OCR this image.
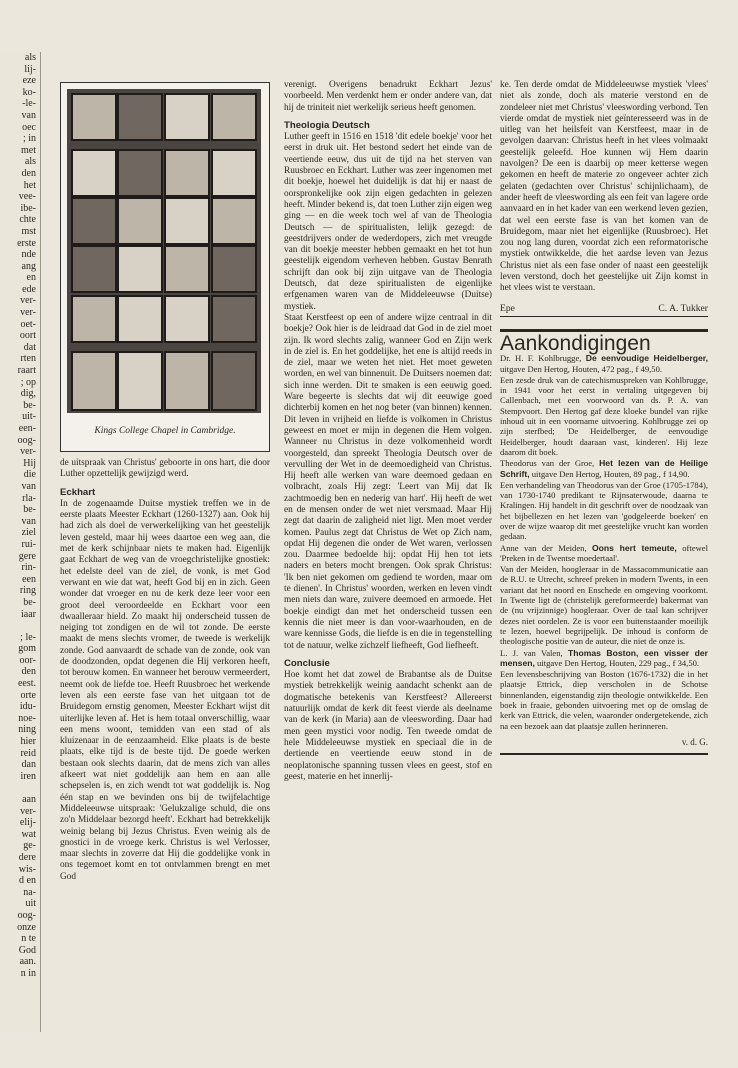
als
lij-
eze
ko-
-le-
van
oec
; in
met
als
den
het
vee-
ibe-
chte
mst
erste
nde
ang
en
ede
ver-
ver-
oet-
oort
dat
rten
raart
; op
dig,
be-
uit-
een-
oog-
ver-
Hij
die
van
rla-
be-
van
ziel
rui-
gere
rin-
een
ring
be-
iaar

; le-
gom
oor-
den
eest.
orte
idu-
noe-
ning
hier
reid
dan
iren

aan
ver-
elij-
wat
ge-
dere
wis-
d en
na-
uit
oog-
onze
n te
God
aan.
n in
Kings College Chapel in Cambridge.

de uitspraak van Christus' geboorte in ons hart, die door Luther opzettelijk gewijzigd werd.

Eckhart

In de zogenaamde Duitse mystiek treffen we in de eerste plaats Meester Eckhart (1260-1327) aan. Ook hij had zich als doel de verwerkelijking van het geestelijk leven gesteld, maar hij wees daartoe een weg aan, die met de kerk schijnbaar niets te maken had. Eigenlijk gaat Eckhart de weg van de vroegchristelijke gnostiek: het edelste deel van de ziel, de vonk, is met God verwant en wie dat wat, heeft God bij en in zich. Geen wonder dat vroeger en nu de kerk deze leer voor een groot deel veroordeelde en Eckhart voor een dwaalleraar hield. Zo maakt hij onderscheid tussen de neiging tot zondigen en de wil tot zonde. De eerste maakt de mens slechts vromer, de tweede is werkelijk zonde. God aanvaardt de schade van de zonde, ook van de doodzonden, opdat degenen die Hij verkoren heeft, tot berouw komen. En wanneer het berouw vermeerdert, neemt ook de liefde toe. Heeft Ruusbroec het werkende leven als een eerste fase van het uitgaan tot de Bruidegom ernstig genomen, Meester Eckhart wijst dit uiterlijke leven af. Het is hem totaal onverschillig, waar een mens woont, temidden van een stad of als kluizenaar in de eenzaamheid. Elke plaats is de beste plaats, elke tijd is de beste tijd. De goede werken bestaan ook slechts daarin, dat de mens zich van alles afkeert wat niet goddelijk aan hem en aan alle schepselen is, en zich wendt tot wat goddelijk is. Nog één stap en we bevinden ons bij de twijfelachtige Middeleeuwse uitspraak: 'Gelukzalige schuld, die ons zo'n Middelaar bezorgd heeft'. Eckhart had betrekkelijk weinig belang bij Jezus Christus. Even weinig als de gnostici in de vroege kerk. Christus is wel Verlosser, maar slechts in zoverre dat Hij die goddelijke vonk in ons tegemoet komt en tot ontvlammen brengt en met God

verenigt. Overigens benadrukt Eckhart Jezus' voorbeeld. Men verdenkt hem er onder andere van, dat hij de triniteit niet werkelijk serieus heeft genomen.

Theologia Deutsch

Luther geeft in 1516 en 1518 'dit edele boekje' voor het eerst in druk uit. Het bestond sedert het einde van de veertiende eeuw, dus uit de tijd na het sterven van Ruusbroec en Eckhart. Luther was zeer ingenomen met dit boekje, hoewel het duidelijk is dat hij er naast de oorspronkelijke ook zijn eigen gedachten in gelezen heeft. Minder bekend is, dat toen Luther zijn eigen weg ging — en die week toch wel af van de Theologia Deutsch — de spiritualisten, lelijk gezegd: de geestdrijvers onder de wederdopers, zich met vreugde van dit boekje meester hebben gemaakt en het tot hun geestelijk eigendom verheven hebben. Gustav Benrath schrijft dan ook bij zijn uitgave van de Theologia Deutsch, dat deze spiritualisten de eigenlijke erfgenamen waren van de Middeleeuwse (Duitse) mystiek.

Staat Kerstfeest op een of andere wijze centraal in dit boekje? Ook hier is de leidraad dat God in de ziel moet zijn. Ik word slechts zalig, wanneer God en Zijn werk in de ziel is. En het goddelijke, het ene is altijd reeds in de ziel, maar we weten het niet. Het moet geweten worden, en wel van binnenuit. De Duitsers noemen dat: sich inne werden. Dit te smaken is een eeuwig goed. Ware begeerte is slechts dat wij dit eeuwige goed dichterbij komen en het nog beter (van binnen) kennen. Dit leven in vrijheid en liefde is volkomen in Christus geweest en moet er mijn in degenen die Hem volgen. Wanneer nu Christus in deze volkomenheid wordt voorgesteld, dan spreekt Theologia Deutsch over de vervulling der Wet in de deemoedigheid van Christus. Hij heeft alle werken van ware deemoed gedaan en volbracht, zoals Hij zegt: 'Leert van Mij dat Ik zachtmoedig ben en nederig van hart'. Hij heeft de wet en de mensen onder de wet niet versmaad. Maar Hij zegt dat daarin de zaligheid niet ligt. Men moet verder komen. Paulus zegt dat Christus de Wet op Zich nam, opdat Hij degenen die onder de Wet waren, verlossen zou. Daarmee bedoelde hij: opdat Hij hen tot iets naders en beters mocht brengen. Ook sprak Christus: 'Ik ben niet gekomen om gediend te worden, maar om te dienen'. In Christus' woorden, werken en leven vindt men niets dan ware, zuivere deemoed en armoede. Het boekje eindigt dan met het onderscheid tussen een kennis die niet meer is dan voor-waarhouden, en de ware kennisse Gods, die liefde is en die in tegenstelling tot de natuur, welke zichzelf liefheeft, God liefheeft.

Conclusie

Hoe komt het dat zowel de Brabantse als de Duitse mystiek betrekkelijk weinig aandacht schenkt aan de dogmatische betekenis van Kerstfeest? Allereerst natuurlijk omdat de kerk dit feest vierde als deelname van de kerk (in Maria) aan de vleeswording. Daar had men geen mystici voor nodig. Ten tweede omdat de hele Middeleeuwse mystiek en speciaal die in de dertiende en veertiende eeuw stond in de neoplatonische spanning tussen vlees en geest, stof en geest, materie en het innerlij-

ke. Ten derde omdat de Middeleeuwse mystiek 'vlees' niet als zonde, doch als materie verstond en de zondeleer niet met Christus' vleeswording verbond. Ten vierde omdat de mystiek niet geïnteresseerd was in de uitleg van het heilsfeit van Kerstfeest, maar in de gevolgen daarvan: Christus heeft in het vlees volmaakt geestelijk geleefd. Hoe kunnen wij Hem daarin navolgen? De een is daarbij op meer ketterse wegen gekomen en heeft de materie zo ongeveer achter zich gelaten (gedachten over Christus' schijnlichaam), de ander heeft de vleeswording als een feit van lagere orde aanvaard en in het kader van een werkend leven gezien, dat wel een eerste fase is van het komen van de Bruidegom, maar niet het eigenlijke (Ruusbroec). Het zou nog lang duren, voordat zich een reformatorische mystiek ontwikkelde, die het aardse leven van Jezus Christus niet als een fase onder of naast een geestelijk leven verstond, doch het geestelijke uit Zijn komst in het vlees wist te verstaan.

Epe	C. A. Tukker
Aankondigingen

Dr. H. F. Kohlbrugge, De eenvoudige Heidelberger, uitgave Den Hertog, Houten, 472 pag., f 49,50.

Een zesde druk van de catechismuspreken van Kohlbrugge, in 1941 voor het eerst in vertaling uitgegeven bij Callenbach, met een voorwoord van ds. P. A. van Stempvoort. Den Hertog gaf deze kloeke bundel van rijke inhoud uit in een voorname uitvoering. Kohlbrugge zei op zijn sterfbed; 'De Heidelberger, de eenvoudige Heidelberger, houdt daaraan vast, kinderen'. Hij leze daarom dit boek.

Theodorus van der Groe, Het lezen van de Heilige Schrift, uitgave Den Hertog, Houten, 89 pag., f 14,90.

Een verhandeling van Theodorus van der Groe (1705-1784), van 1730-1740 predikant te Rijnsaterwoude, daarna te Kralingen. Hij handelt in dit geschrift over de noodzaak van het bijbellezen en het lezen van 'godgeleerde boeken' en over de wijze waarop dit met geestelijke vrucht kan worden gedaan.

Anne van der Meiden, Oons hert temeute, oftewel 'Preken in de Twentse moedertaal'.

Van der Meiden, hoogleraar in de Massacommunicatie aan de R.U. te Utrecht, schreef preken in modern Twents, in een variant dat het noord en Enschede en omgeving voorkomt. In Twente ligt de (christelijk gereformeerde) bakermat van de (nu vrijzinnige) hoogleraar. Over de taal kan schrijver dezes niet oordelen. Ze is voor een buitenstaander moeilijk te lezen, hoewel begrijpelijk. De inhoud is conform de theologische positie van de auteur, die niet de onze is.

L. J. van Valen, Thomas Boston, een visser der mensen, uitgave Den Hertog, Houten, 229 pag., f 34,50.

Een levensbeschrijving van Boston (1676-1732) die in het plaatsje Ettrick, diep verscholen in de Schotse binnenlanden, eigenstandig zijn theologie ontwikkelde. Een boek in fraaie, gebonden uitvoering met op de omslag de kerk van Ettrick, die velen, waaronder ondergetekende, zich na een bezoek aan dat plaatsje zullen herinneren.

v. d. G.
